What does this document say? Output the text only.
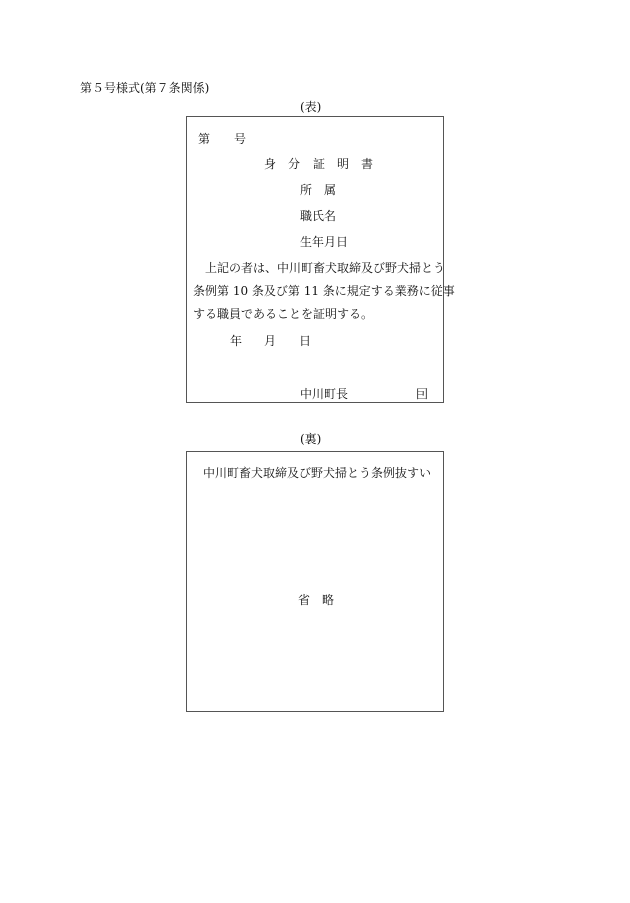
第５号様式(第７条関係)
(表)
第 号
身 分 証 明 書
所　属
職氏名
生年月日
　上記の者は、中川町畜犬取締及び野犬掃とう
条例第 10 条及び第 11 条に規定する業務に従事
する職員であることを証明する。
年 月 日
中川町長	囙
(裏)
中川町畜犬取締及び野犬掃とう条例抜すい
省　略
